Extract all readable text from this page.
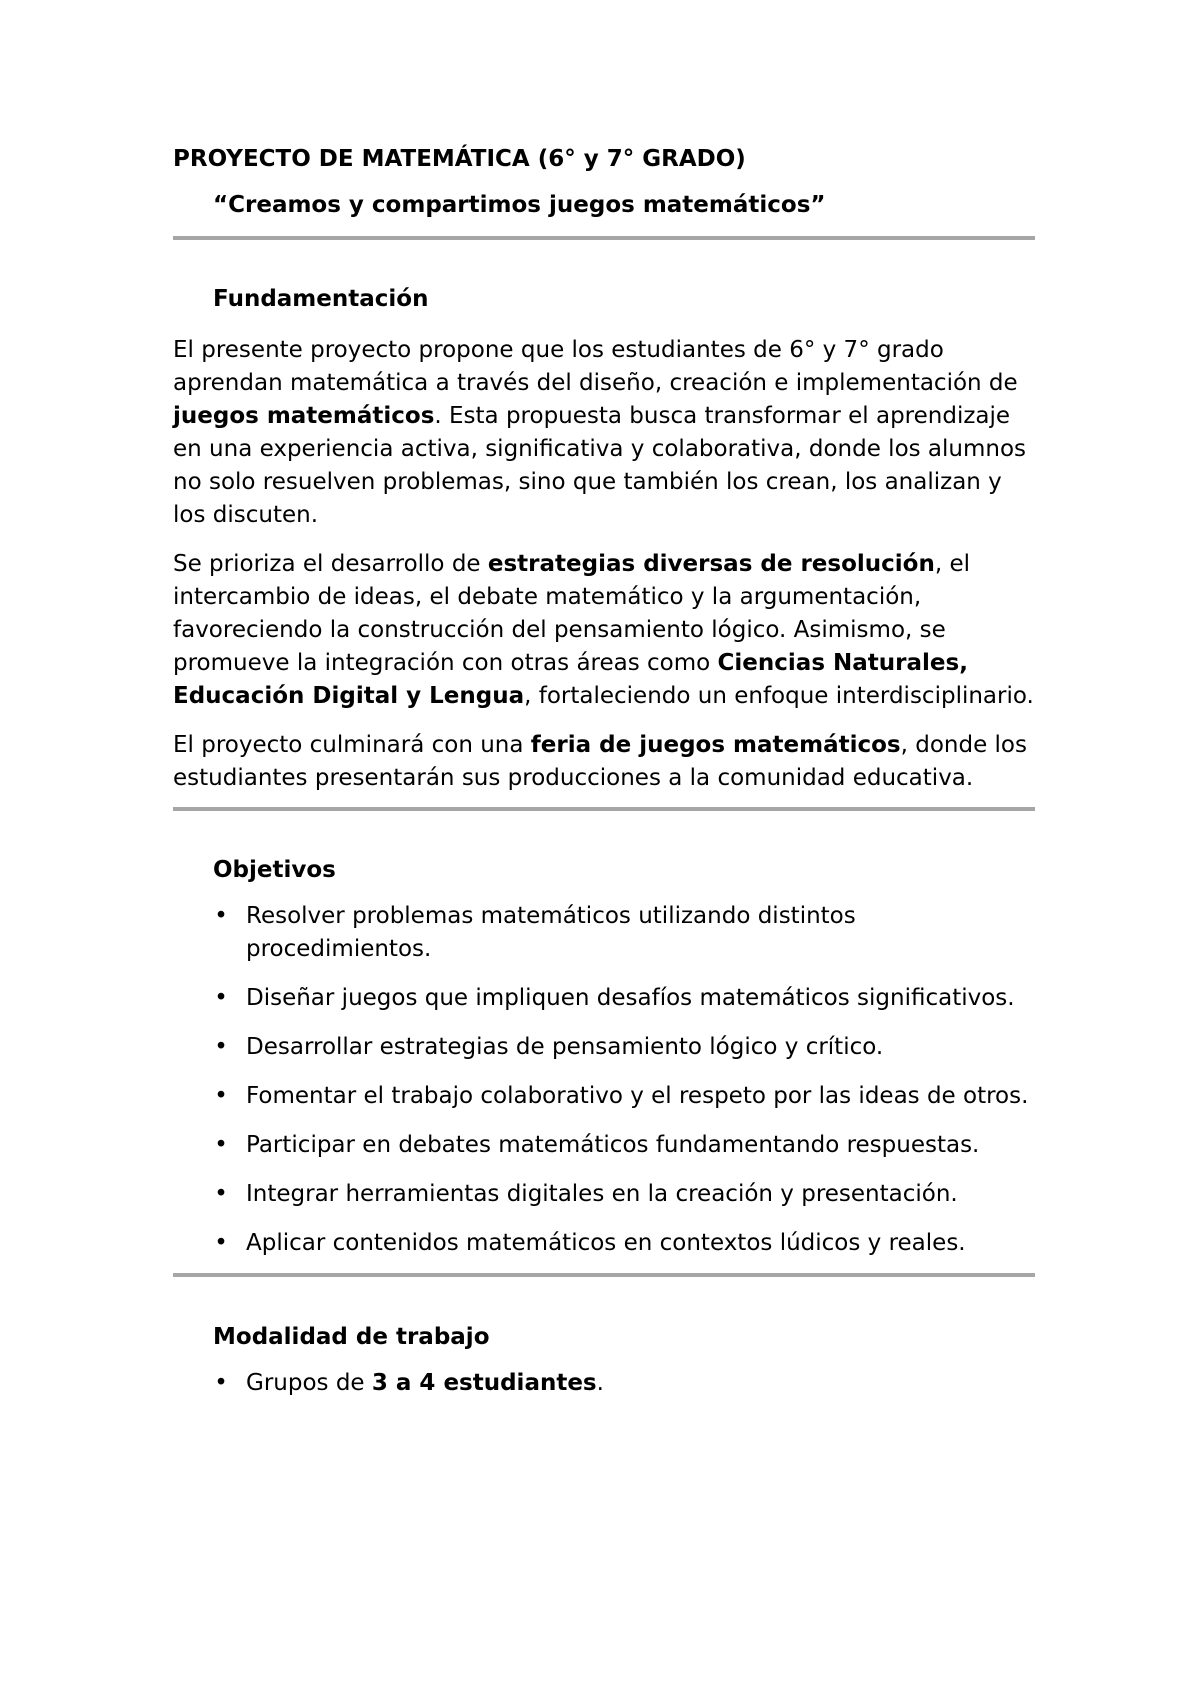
PROYECTO DE MATEMÁTICA (6° y 7° GRADO)
“Creamos y compartimos juegos matemáticos”
Fundamentación

El presente proyecto propone que los estudiantes de 6° y 7° grado aprendan matemática a través del diseño, creación e implementación de juegos matemáticos. Esta propuesta busca transformar el aprendizaje en una experiencia activa, significativa y colaborativa, donde los alumnos no solo resuelven problemas, sino que también los crean, los analizan y los discuten.

Se prioriza el desarrollo de estrategias diversas de resolución, el intercambio de ideas, el debate matemático y la argumentación, favoreciendo la construcción del pensamiento lógico. Asimismo, se promueve la integración con otras áreas como Ciencias Naturales, Educación Digital y Lengua, fortaleciendo un enfoque interdisciplinario.

El proyecto culminará con una feria de juegos matemáticos, donde los estudiantes presentarán sus producciones a la comunidad educativa.

Objetivos
• Resolver problemas matemáticos utilizando distintos procedimientos.
• Diseñar juegos que impliquen desafíos matemáticos significativos.
• Desarrollar estrategias de pensamiento lógico y crítico.
• Fomentar el trabajo colaborativo y el respeto por las ideas de otros.
• Participar en debates matemáticos fundamentando respuestas.
• Integrar herramientas digitales en la creación y presentación.
• Aplicar contenidos matemáticos en contextos lúdicos y reales.
Modalidad de trabajo
• Grupos de 3 a 4 estudiantes.
